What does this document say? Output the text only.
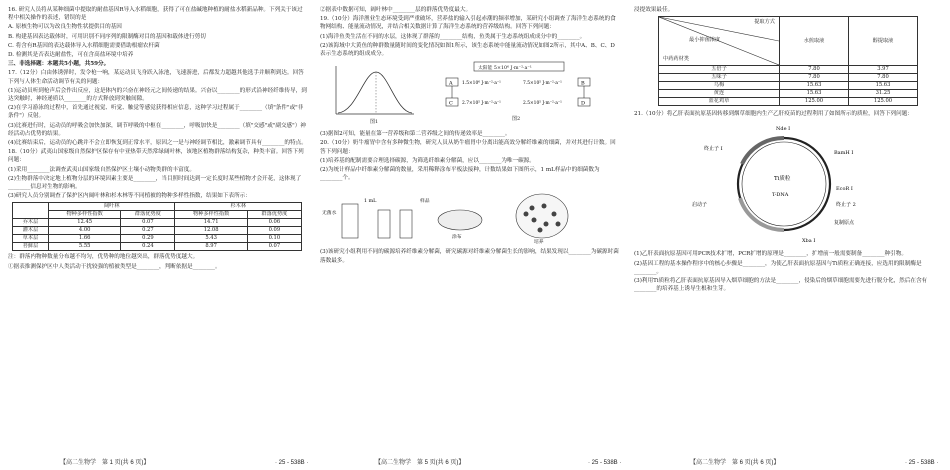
16. 研究人员将从某种细菌中提取的耐盐基因R导入水稻细胞，获得了可在盐碱地种植的耐盐水稻新品种。下列关于该过程中相关操作的表述，错误的是

A. 原核生物可以为改良生物性状提供目的基因

B. 构建基因表达载体时，可用识别不同序列的限制酶对目的基因和载体进行剪切

C. 将含有R基因的表达载体导入水稻细胞需要借助根瘤农杆菌

D. 检测其是否表达耐盐性，可在含高盐环境中培养

三、非选择题：本题共5小题，共59分。

17.（12分）白由体诱弹时，发令枪一响，某运动员飞身跃入泳池，飞速游进，后都发力超越其他选手并顺利到达。回答下列与人体生命活动调节有关的问题：

(1)运动员听到枪声后会作出反应，这是体内的兴奋在神经元之间传递的结果。兴奋以________的形式沿神经纤维传导，到达突触时，神经递质以________的方式释放到突触间隙。

(2)在学习游泳的过程中，首先通过视觉、听觉、触觉等感觉获得相应信息，这种学习过程属于________（填"条件"或"非条件"）反射。

(3)比赛进行时，运动员的呼吸会加快加深，调节呼吸的中枢在________，呼吸加快是________（填"交感"或"副交感"）神经活动占优势的结果。

(4)比赛结束后，运动员的心跳并不会立即恢复到正常水平，原因之一是与神经调节相比，激素调节具有________的特点。

18.（10分）武夷山国家级自然保护区保存有中亚热带天然常绿阔叶林，该地区植物群落结构复杂，种类丰富。回答下列问题：

(1)采用________法调查武夷山国家级自然保护区土壤小动物类群的丰富度。

(2)生物群落中决定地上植物分层的环境因素主要是________，当目照时间达到一定长度时某些植物才会开花，这体现了________信息对生物的影响。

(3)研究人员分别调查了保护区内阔叶林和杉木林等不同植被的物种多样性指数，结果如下表所示：

	阔叶林		杉木林	
	物种多样性指数	群落优势度	物种多样性指数	群落优势度
乔木层	12.45	0.07	14.71	0.06
灌木层	4.00	0.27	12.08	0.09
草本层	1.66	0.29	5.43	0.10
苔藓层	5.55	0.24	8.97	0.07

注：群落内物种数量分布越不均匀，优势种的地位越突出，群落优势度越大。

①据表推测保护区中人类活动干扰较强的植被类型是________，判断依据是________。

②据表中数据可知，阔叶林中________层的群落优势度最大。

19.（10分）海洋渔业生态环境受到严重破坏，营养盐的输入引起赤潮的频率增加，某研究小组调查了海洋生态系统的食物网结构、能量流动情况，并结合相关数据计算了海洋生态系统的营养级结构。回答下列问题：

(1)海洋鱼类生活在不同的水层，这体现了群落的________结构，鱼类属于生态系统组成成分中的________。

(2)该海域中大黄鱼的种群数量随时间的变化情况如图1所示，该生态系统中能量流动情况如图2所示，其中A、B、C、D表示生态系统的组成成分。

图1
太阳能 5×10⁶ J·m⁻²·a⁻¹
A	B
C	D
1.5×10⁶ J·m⁻²·a⁻¹	7.5×10⁵ J·m⁻²·a⁻¹
2.7×10⁵ J·m⁻²·a⁻¹	2.5×10⁵ J·m⁻²·a⁻¹
图2

(3)据图2可知，能量在第一营养级和第二营养级之间的传递效率是________。

20.（10分）奶牛瘤胃中含有多种微生物，研究人员从奶牛瘤胃中分离出能高效分解纤维素的细菌，并对其进行计数。回答下列问题：

(1)培养基的配制需要合理选择碳源，为筛选纤维素分解菌，应以________为唯一碳源。

(2)为统计样品中纤维素分解菌的数量，采用稀释涂布平板法接种，计数结果如下图所示，1 mL样品中的细菌数为________个。

无菌水
1 mL	样品
涂布
培养

(3)该研究小组利用不同的碳源培养纤维素分解菌，研究碳源对纤维素分解菌生长的影响，结果发现以________为碳源时菌落数最多。

浸提效果最佳。

提取方式
最小抑菌浓度
中药药材类	水煎取液	醇提取液
五倍子	7.80	3.97
五味子	7.80	7.80
乌梅	15.63	15.63
黄连	15.63	31.25
蓝花鸡草	125.00	125.00

21.（10分）将乙肝表面抗原基因转移到烟草细胞内生产乙肝疫苗的过程利用了如图所示的质粒，回答下列问题：

Nde I
终止子 I
启动子
Ti质粒
T-DNA
BamH I
EcoR I
终止子 2
复制原点
Xba I

(1)乙肝表面抗原基因可用PCR技术扩增，PCR扩增的原理是________，扩增前一般需要制备________种引物。

(2)基因工程的基本操作程序中的核心步骤是________，为使乙肝表面抗原基因与Ti质粒正确连接，应选用的限制酶是________。

(3)利用Ti质粒将乙肝表面抗原基因导入烟草细胞的方法是________，侵染后的烟草细胞需要先进行脱分化，然后在含有________的培养基上诱导生根和生芽。

【高二生物学　第 1 页(共 6 页)】	· 25 - 538B ·	【高二生物学　第 5 页(共 6 页)】	· 25 - 538B ·	【高二生物学　第 6 页(共 6 页)】	· 25 - 538B ·
